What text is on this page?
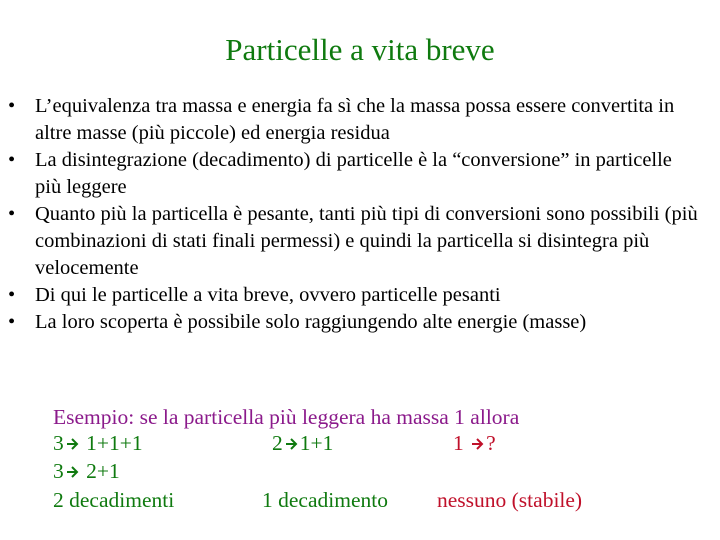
Particelle a vita breve
• L’equivalenza tra massa e energia fa sì che la massa possa essere convertita in altre masse (più piccole) ed energia residua
• La disintegrazione (decadimento) di particelle è la “conversione” in particelle più leggere
• Quanto più la particella è pesante, tanti più tipi di conversioni sono possibili (più combinazioni di stati finali permessi) e quindi la particella si disintegra più velocemente
• Di qui le particelle a vita breve, ovvero particelle pesanti
• La loro scoperta è possibile solo raggiungendo alte energie (masse)
Esempio: se la particella più leggera ha massa 1 allora
3 1+1+1
3 2+1
2 decadimenti
2 1+1
1 decadimento
1 ?
nessuno (stabile)
